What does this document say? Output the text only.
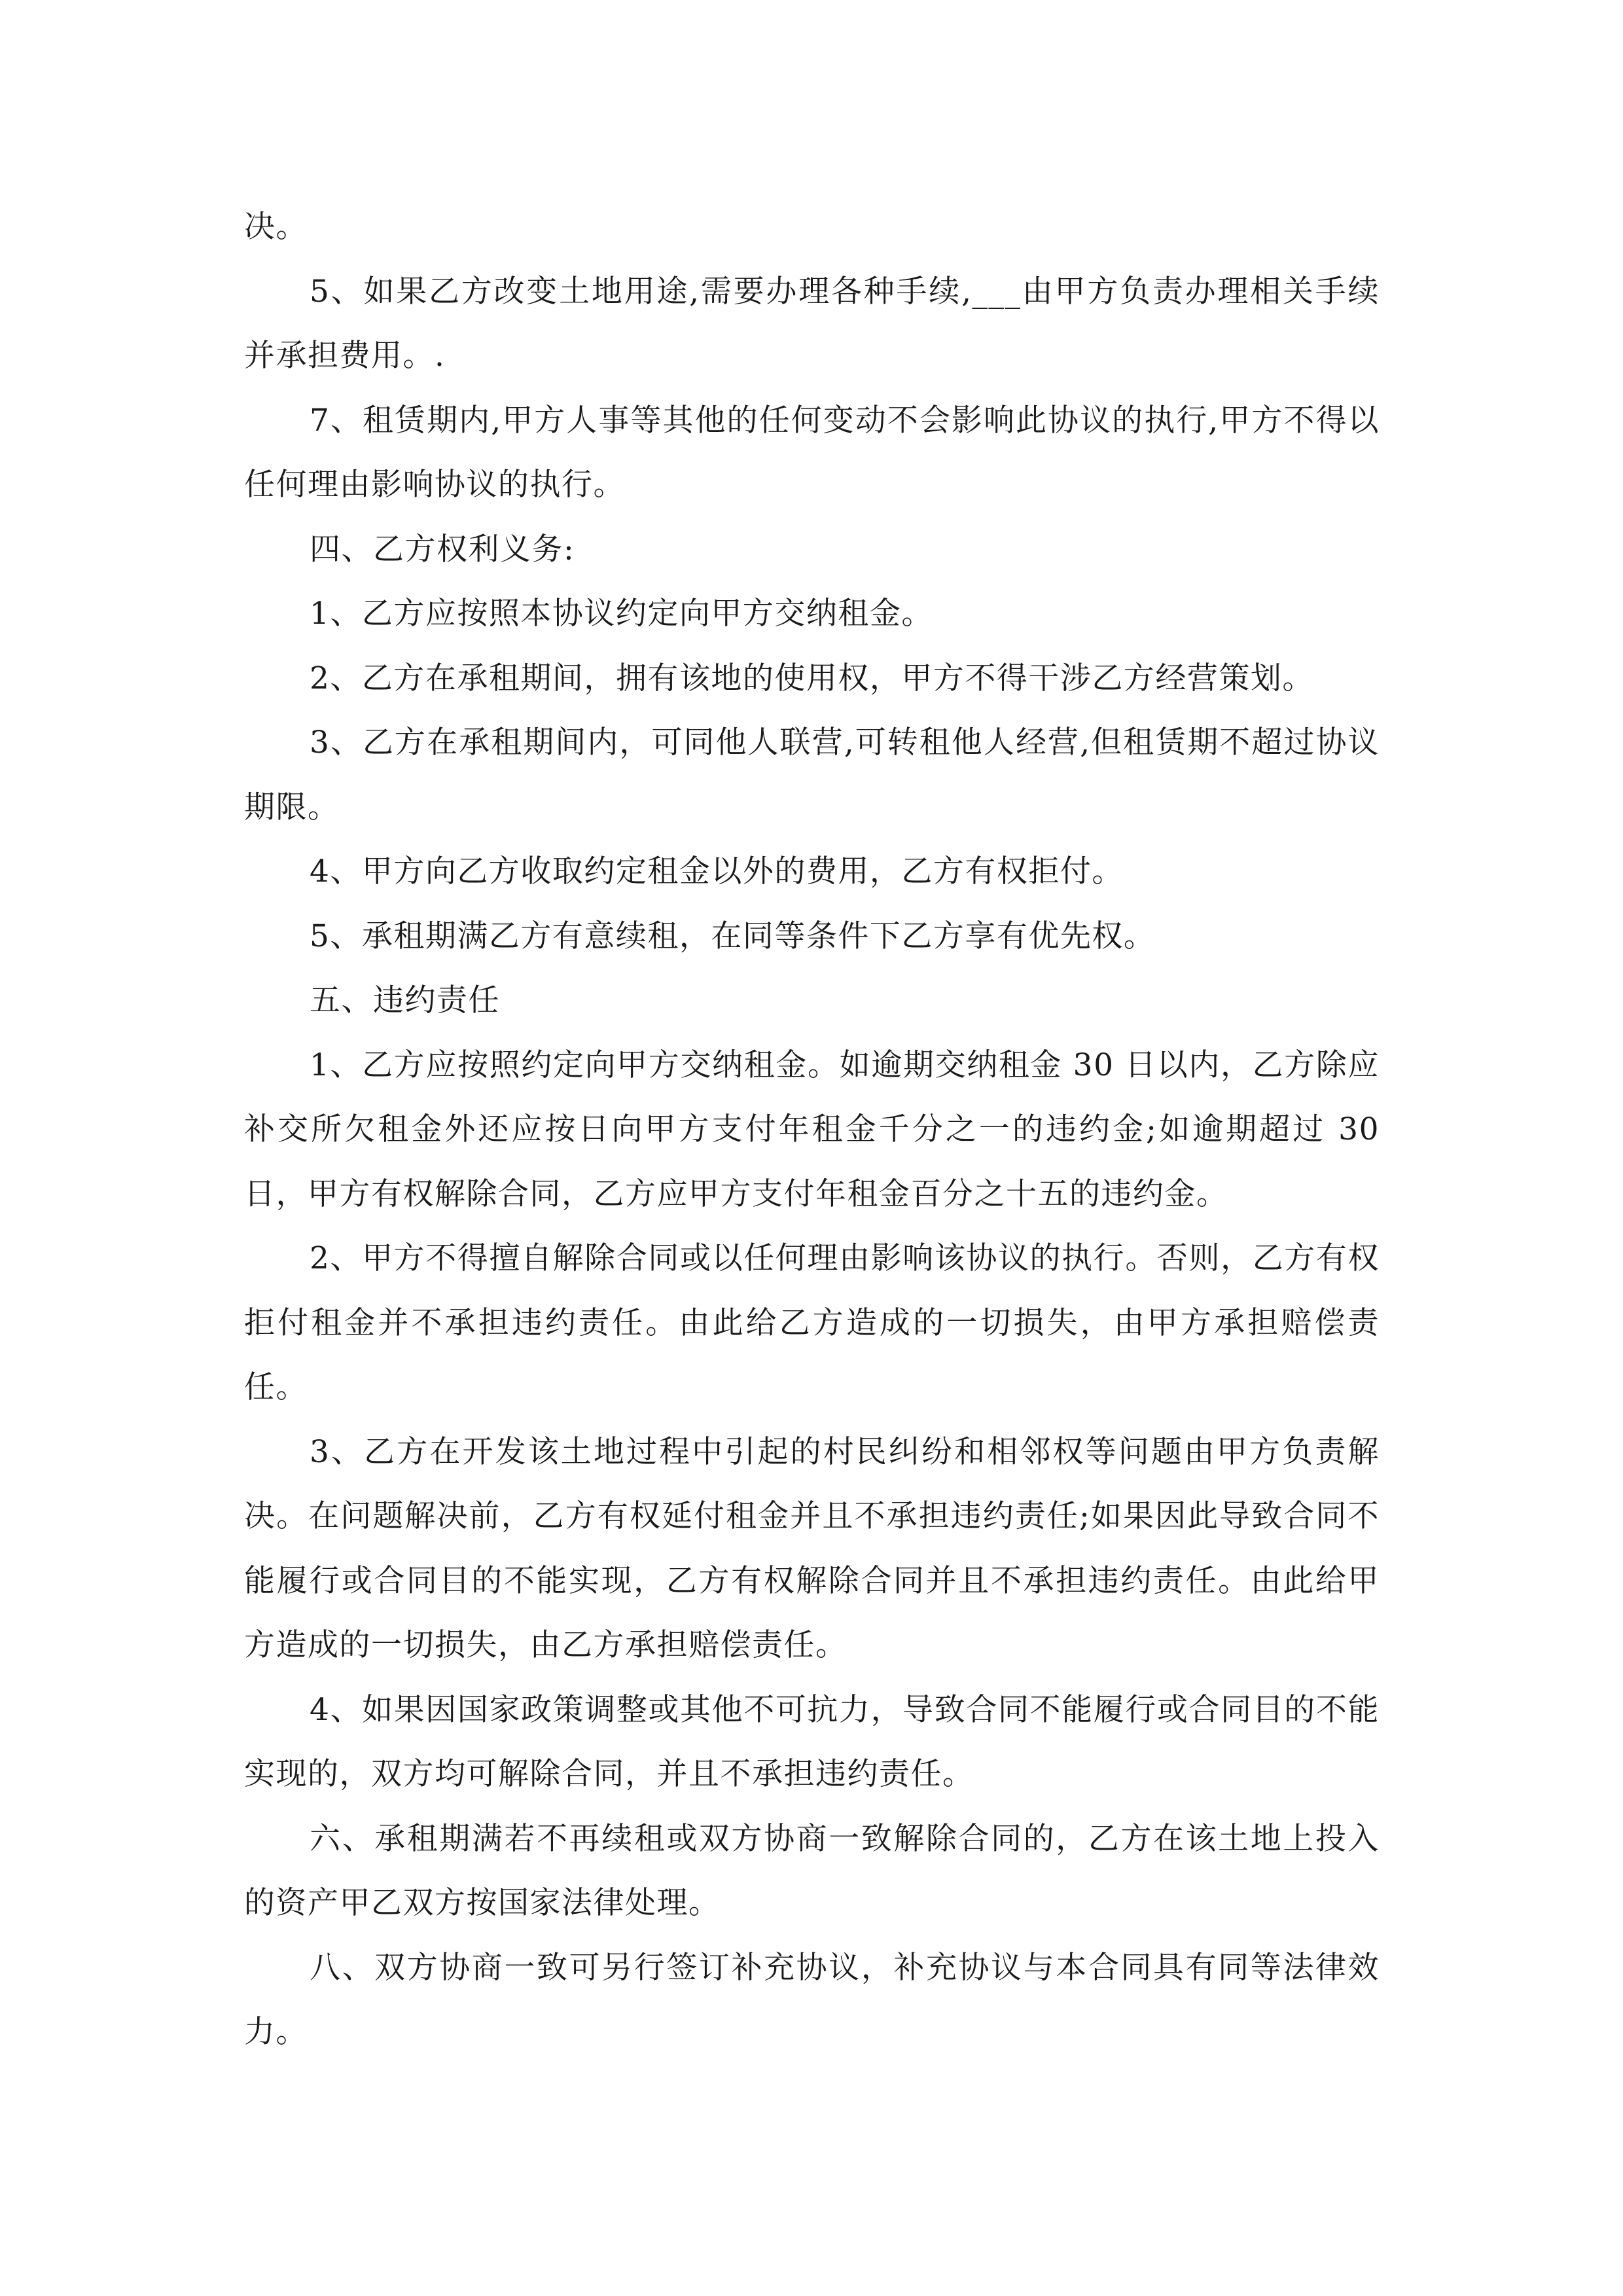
决。

5、如果乙方改变土地用途,需要办理各种手续,___由甲方负责办理相关手续并承担费用。.

7、租赁期内,甲方人事等其他的任何变动不会影响此协议的执行,甲方不得以任何理由影响协议的执行。

四、乙方权利义务:

1、乙方应按照本协议约定向甲方交纳租金。

2、乙方在承租期间，拥有该地的使用权，甲方不得干涉乙方经营策划。

3、乙方在承租期间内，可同他人联营,可转租他人经营,但租赁期不超过协议期限。

4、甲方向乙方收取约定租金以外的费用，乙方有权拒付。

5、承租期满乙方有意续租，在同等条件下乙方享有优先权。

五、违约责任

1、乙方应按照约定向甲方交纳租金。如逾期交纳租金 30 日以内，乙方除应补交所欠租金外还应按日向甲方支付年租金千分之一的违约金;如逾期超过 30 日，甲方有权解除合同，乙方应甲方支付年租金百分之十五的违约金。

2、甲方不得擅自解除合同或以任何理由影响该协议的执行。否则，乙方有权拒付租金并不承担违约责任。由此给乙方造成的一切损失，由甲方承担赔偿责任。

3、乙方在开发该土地过程中引起的村民纠纷和相邻权等问题由甲方负责解决。在问题解决前，乙方有权延付租金并且不承担违约责任;如果因此导致合同不能履行或合同目的不能实现，乙方有权解除合同并且不承担违约责任。由此给甲方造成的一切损失，由乙方承担赔偿责任。

4、如果因国家政策调整或其他不可抗力，导致合同不能履行或合同目的不能实现的，双方均可解除合同，并且不承担违约责任。

六、承租期满若不再续租或双方协商一致解除合同的，乙方在该土地上投入的资产甲乙双方按国家法律处理。

八、双方协商一致可另行签订补充协议，补充协议与本合同具有同等法律效力。
